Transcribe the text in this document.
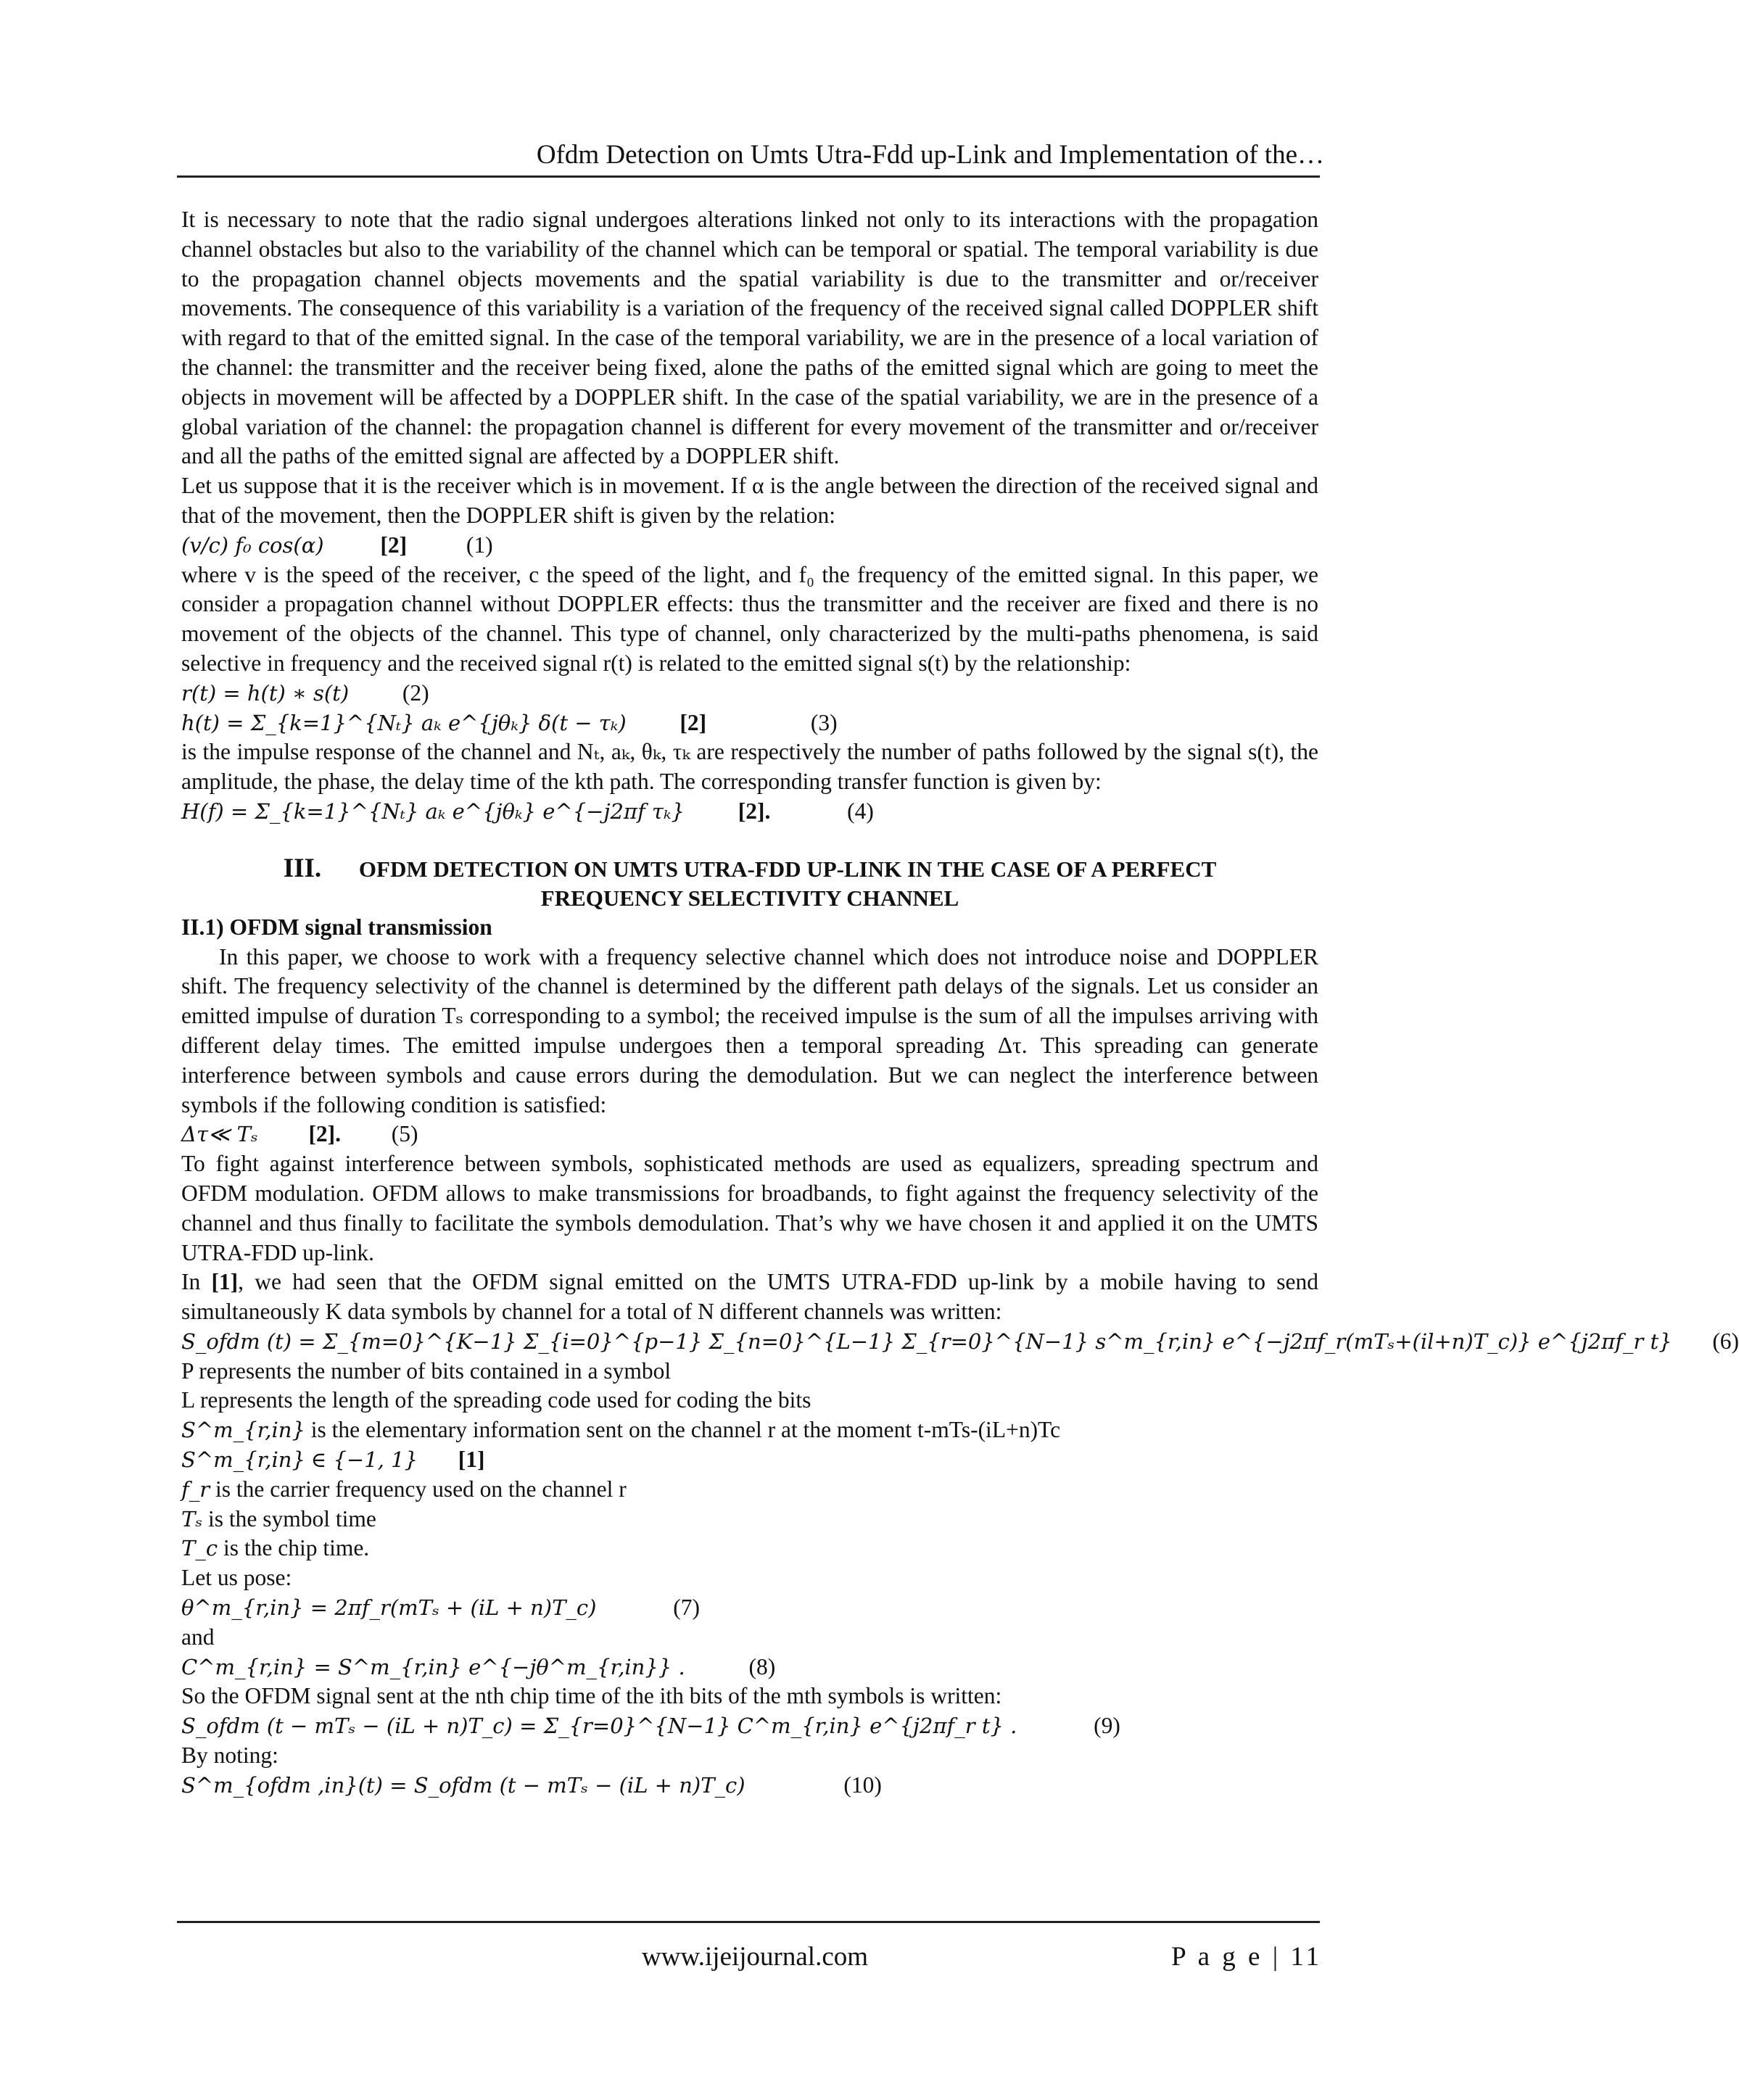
Ofdm Detection on Umts Utra-Fdd up-Link and Implementation of the…

It is necessary to note that the radio signal undergoes alterations linked not only to its interactions with the propagation channel obstacles but also to the variability of the channel which can be temporal or spatial. The temporal variability is due to the propagation channel objects movements and the spatial variability is due to the transmitter and or/receiver movements. The consequence of this variability is a variation of the frequency of the received signal called DOPPLER shift with regard to that of the emitted signal. In the case of the temporal variability, we are in the presence of a local variation of the channel: the transmitter and the receiver being fixed, alone the paths of the emitted signal which are going to meet the objects in movement will be affected by a DOPPLER shift. In the case of the spatial variability, we are in the presence of a global variation of the channel: the propagation channel is different for every movement of the transmitter and or/receiver and all the paths of the emitted signal are affected by a DOPPLER shift.

Let us suppose that it is the receiver which is in movement. If α is the angle between the direction of the received signal and that of the movement, then the DOPPLER shift is given by the relation:

(v/c) f₀ cos(α) [2]	(1)

where v is the speed of the receiver, c the speed of the light, and f₀ the frequency of the emitted signal. In this paper, we consider a propagation channel without DOPPLER effects: thus the transmitter and the receiver are fixed and there is no movement of the objects of the channel. This type of channel, only characterized by the multi-paths phenomena, is said selective in frequency and the received signal r(t) is related to the emitted signal s(t) by the relationship:

r(t) = h(t) ∗ s(t) (2)
h(t) = Σ_{k=1}^{Nₜ} aₖ e^{jθₖ} δ(t − τₖ) [2]	(3)

is the impulse response of the channel and Nₜ, aₖ, θₖ, τₖ are respectively the number of paths followed by the signal s(t), the amplitude, the phase, the delay time of the kth path. The corresponding transfer function is given by:

H(f) = Σ_{k=1}^{Nₜ} aₖ e^{jθₖ} e^{−j2πf τₖ} [2].	(4)
III. OFDM DETECTION ON UMTS UTRA-FDD UP-LINK IN THE CASE OF A PERFECT
FREQUENCY SELECTIVITY CHANNEL
II.1) OFDM signal transmission

In this paper, we choose to work with a frequency selective channel which does not introduce noise and DOPPLER shift. The frequency selectivity of the channel is determined by the different path delays of the signals. Let us consider an emitted impulse of duration Tₛ corresponding to a symbol; the received impulse is the sum of all the impulses arriving with different delay times. The emitted impulse undergoes then a temporal spreading Δτ. This spreading can generate interference between symbols and cause errors during the demodulation. But we can neglect the interference between symbols if the following condition is satisfied:

Δτ≪ Tₛ [2]. (5)

To fight against interference between symbols, sophisticated methods are used as equalizers, spreading spectrum and OFDM modulation. OFDM allows to make transmissions for broadbands, to fight against the frequency selectivity of the channel and thus finally to facilitate the symbols demodulation. That’s why we have chosen it and applied it on the UMTS UTRA-FDD up-link.

In [1], we had seen that the OFDM signal emitted on the UMTS UTRA-FDD up-link by a mobile having to send simultaneously K data symbols by channel for a total of N different channels was written:

S_ofdm (t) = Σ_{m=0}^{K−1} Σ_{i=0}^{p−1} Σ_{n=0}^{L−1} Σ_{r=0}^{N−1} s^m_{r,in} e^{−j2πf_r(mTₛ+(il+n)T_c)} e^{j2πf_r t} (6)
P represents the number of bits contained in a symbol
L represents the length of the spreading code used for coding the bits
S^m_{r,in} is the elementary information sent on the channel r at the moment t-mTs-(iL+n)Tc
S^m_{r,in} ∈ {−1, 1} [1]
f_r is the carrier frequency used on the channel r
Tₛ is the symbol time
T_c is the chip time.
Let us pose:
θ^m_{r,in} = 2πf_r(mTₛ + (iL + n)T_c)	(7)
and
C^m_{r,in} = S^m_{r,in} e^{−jθ^m_{r,in}} .	(8)
So the OFDM signal sent at the nth chip time of the ith bits of the mth symbols is written:
S_ofdm (t − mTₛ − (iL + n)T_c) = Σ_{r=0}^{N−1} C^m_{r,in} e^{j2πf_r t} .	(9)
By noting:
S^m_{ofdm ,in}(t) = S_ofdm (t − mTₛ − (iL + n)T_c)	(10)
www.ijeijournal.com	P a g e | 11
